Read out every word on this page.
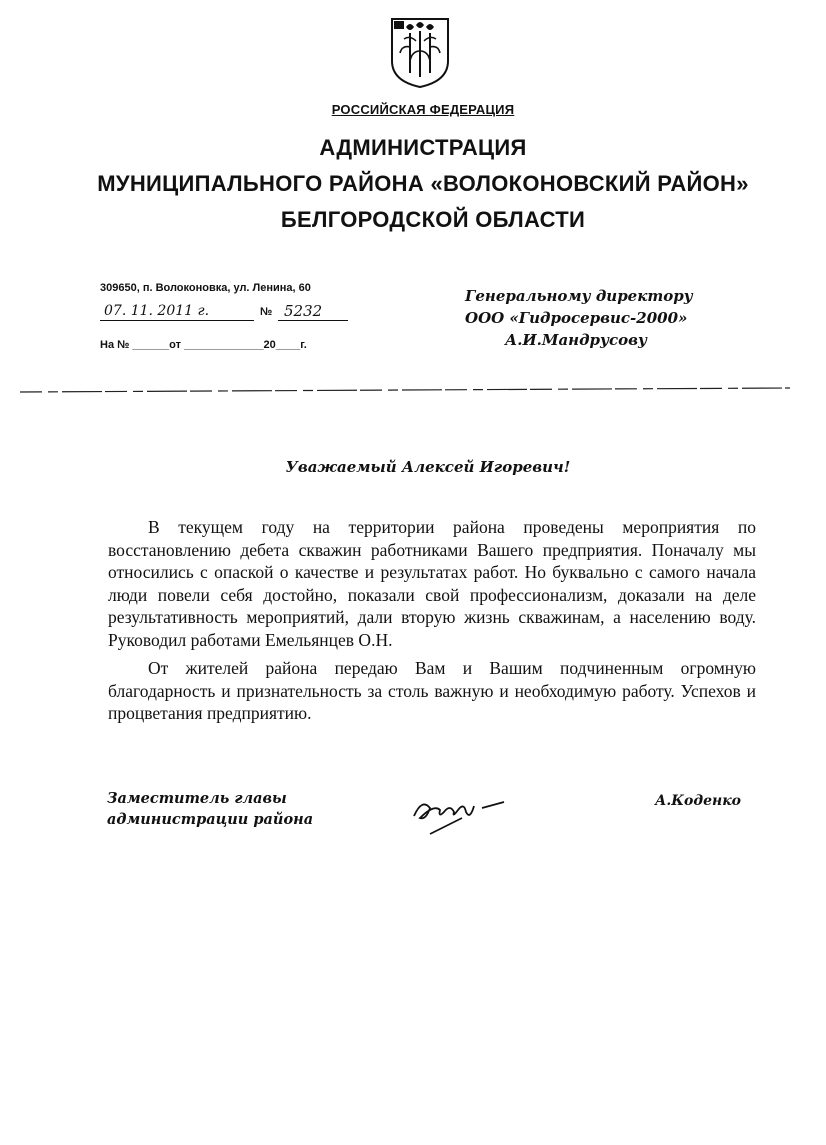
РОССИЙСКАЯ ФЕДЕРАЦИЯ
АДМИНИСТРАЦИЯ
МУНИЦИПАЛЬНОГО РАЙОНА «ВОЛОКОНОВСКИЙ РАЙОН»
БЕЛГОРОДСКОЙ ОБЛАСТИ
309650, п. Волоконовка, ул. Ленина, 60
07. 11. 2011 г.	№ 5232
На № ______от _____________20____г.
Генеральному директору
ООО «Гидросервис-2000»
А.И.Мандрусову
Уважаемый Алексей Игоревич!

В текущем году на территории района проведены мероприятия по восстановлению дебета скважин работниками Вашего предприятия. Поначалу мы относились с опаской о качестве и результатах работ. Но буквально с самого начала люди повели себя достойно, показали свой профессионализм, доказали на деле результативность мероприятий, дали вторую жизнь скважинам, а населению воду. Руководил работами Емельянцев О.Н.

От жителей района передаю Вам и Вашим подчиненным огромную благодарность и признательность за столь важную и необходимую работу. Успехов и процветания предприятию.

Заместитель главы
администрации района
А.Коденко
